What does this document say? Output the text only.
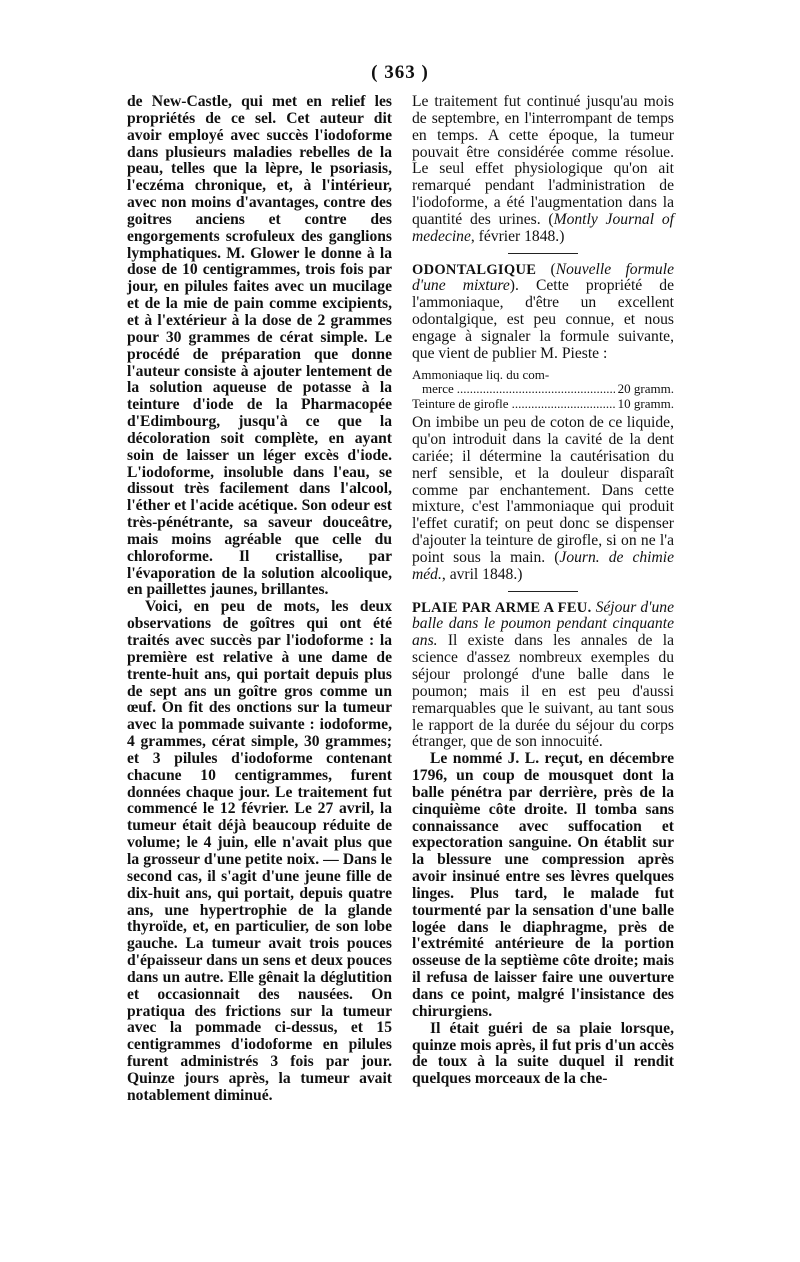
( 363 )

de New-Castle, qui met en relief les propriétés de ce sel. Cet auteur dit avoir employé avec succès l'iodoforme dans plusieurs maladies rebelles de la peau, telles que la lèpre, le psoriasis, l'eczéma chronique, et, à l'intérieur, avec non moins d'avantages, contre des goitres anciens et contre des engorgements scrofuleux des ganglions lymphatiques. M. Glower le donne à la dose de 10 centigrammes, trois fois par jour, en pilules faites avec un mucilage et de la mie de pain comme excipients, et à l'extérieur à la dose de 2 grammes pour 30 grammes de cérat simple. Le procédé de préparation que donne l'auteur consiste à ajouter lentement de la solution aqueuse de potasse à la teinture d'iode de la Pharmacopée d'Edimbourg, jusqu'à ce que la décoloration soit complète, en ayant soin de laisser un léger excès d'iode. L'iodoforme, insoluble dans l'eau, se dissout très facilement dans l'alcool, l'éther et l'acide acétique. Son odeur est très-pénétrante, sa saveur douceâtre, mais moins agréable que celle du chloroforme. Il cristallise, par l'évaporation de la solution alcoolique, en paillettes jaunes, brillantes.

Voici, en peu de mots, les deux observations de goîtres qui ont été traités avec succès par l'iodoforme : la première est relative à une dame de trente-huit ans, qui portait depuis plus de sept ans un goître gros comme un œuf. On fit des onctions sur la tumeur avec la pommade suivante : iodoforme, 4 grammes, cérat simple, 30 grammes; et 3 pilules d'iodoforme contenant chacune 10 centigrammes, furent données chaque jour. Le traitement fut commencé le 12 février. Le 27 avril, la tumeur était déjà beaucoup réduite de volume; le 4 juin, elle n'avait plus que la grosseur d'une petite noix. — Dans le second cas, il s'agit d'une jeune fille de dix-huit ans, qui portait, depuis quatre ans, une hypertrophie de la glande thyroïde, et, en particulier, de son lobe gauche. La tumeur avait trois pouces d'épaisseur dans un sens et deux pouces dans un autre. Elle gênait la déglutition et occasionnait des nausées. On pratiqua des frictions sur la tumeur avec la pommade ci-dessus, et 15 centigrammes d'iodoforme en pilules furent administrés 3 fois par jour. Quinze jours après, la tumeur avait notablement diminué.

Le traitement fut continué jusqu'au mois de septembre, en l'interrompant de temps en temps. A cette époque, la tumeur pouvait être considérée comme résolue. Le seul effet physiologique qu'on ait remarqué pendant l'administration de l'iodoforme, a été l'augmentation dans la quantité des urines. (Montly Journal of medecine, février 1848.)

ODONTALGIQUE (Nouvelle formule d'une mixture). Cette propriété de l'ammoniaque, d'être un excellent odontalgique, est peu connue, et nous engage à signaler la formule suivante, que vient de publier M. Pieste :

Ammoniaque liq. du com-
merce .....	20 gramm.
Teinture de girofle .....	10 gramm.

On imbibe un peu de coton de ce liquide, qu'on introduit dans la cavité de la dent cariée; il détermine la cautérisation du nerf sensible, et la douleur disparaît comme par enchantement. Dans cette mixture, c'est l'ammoniaque qui produit l'effet curatif; on peut donc se dispenser d'ajouter la teinture de girofle, si on ne l'a point sous la main. (Journ. de chimie méd., avril 1848.)

PLAIE PAR ARME A FEU. Séjour d'une balle dans le poumon pendant cinquante ans. Il existe dans les annales de la science d'assez nombreux exemples du séjour prolongé d'une balle dans le poumon; mais il en est peu d'aussi remarquables que le suivant, au tant sous le rapport de la durée du séjour du corps étranger, que de son innocuité.

Le nommé J. L. reçut, en décembre 1796, un coup de mousquet dont la balle pénétra par derrière, près de la cinquième côte droite. Il tomba sans connaissance avec suffocation et expectoration sanguine. On établit sur la blessure une compression après avoir insinué entre ses lèvres quelques linges. Plus tard, le malade fut tourmenté par la sensation d'une balle logée dans le diaphragme, près de l'extrémité antérieure de la portion osseuse de la septième côte droite; mais il refusa de laisser faire une ouverture dans ce point, malgré l'insistance des chirurgiens.

Il était guéri de sa plaie lorsque, quinze mois après, il fut pris d'un accès de toux à la suite duquel il rendit quelques morceaux de la che-
